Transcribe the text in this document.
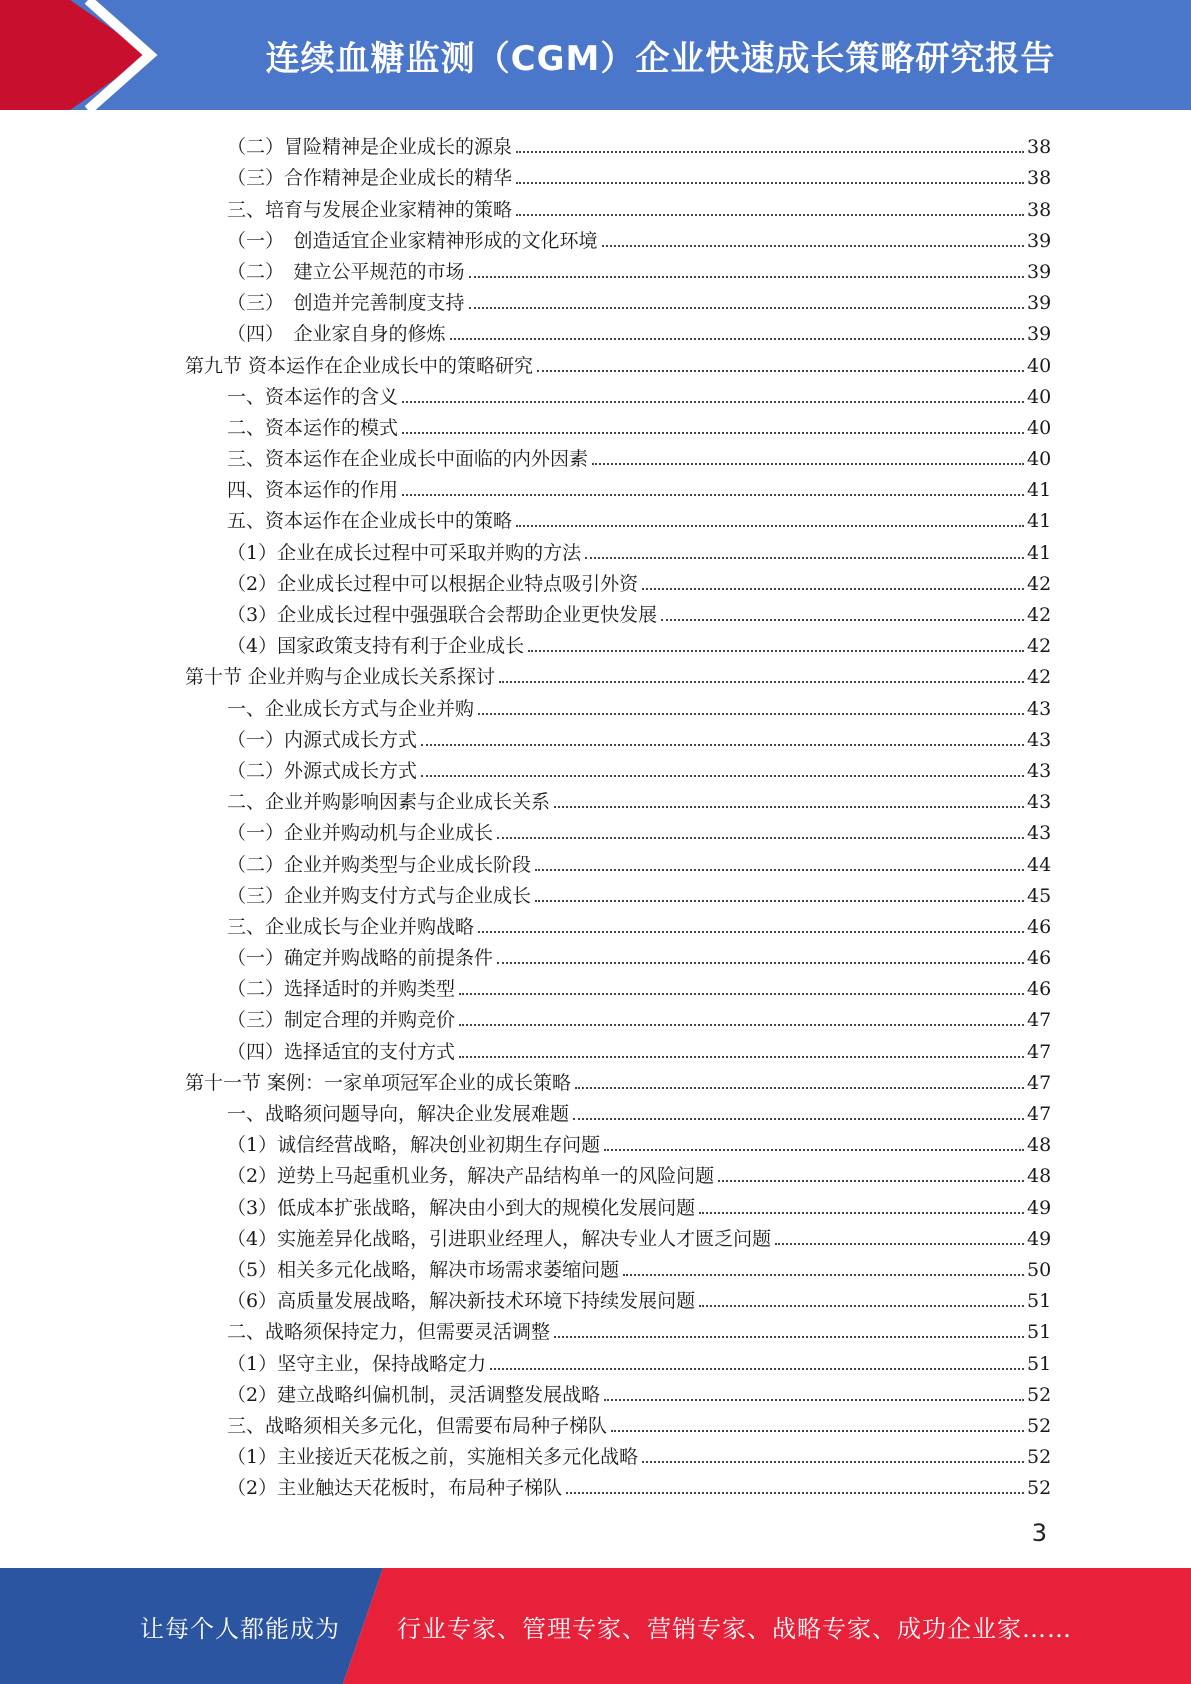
连续血糖监测（CGM）企业快速成长策略研究报告
（二）冒险精神是企业成长的源泉	38
（三）合作精神是企业成长的精华	38
三、培育与发展企业家精神的策略	38
（一）　创造适宜企业家精神形成的文化环境	39
（二）　建立公平规范的市场	39
（三）　创造并完善制度支持	39
（四）　企业家自身的修炼	39
第九节 资本运作在企业成长中的策略研究	40
一、资本运作的含义	40
二、资本运作的模式	40
三、资本运作在企业成长中面临的内外因素	40
四、资本运作的作用	41
五、资本运作在企业成长中的策略	41
（1）企业在成长过程中可采取并购的方法	41
（2）企业成长过程中可以根据企业特点吸引外资	42
（3）企业成长过程中强强联合会帮助企业更快发展	42
（4）国家政策支持有利于企业成长	42
第十节 企业并购与企业成长关系探讨	42
一、企业成长方式与企业并购	43
（一）内源式成长方式	43
（二）外源式成长方式	43
二、企业并购影响因素与企业成长关系	43
（一）企业并购动机与企业成长	43
（二）企业并购类型与企业成长阶段	44
（三）企业并购支付方式与企业成长	45
三、企业成长与企业并购战略	46
（一）确定并购战略的前提条件	46
（二）选择适时的并购类型	46
（三）制定合理的并购竞价	47
（四）选择适宜的支付方式	47
第十一节 案例：一家单项冠军企业的成长策略	47
一、战略须问题导向，解决企业发展难题	47
（1）诚信经营战略，解决创业初期生存问题	48
（2）逆势上马起重机业务，解决产品结构单一的风险问题	48
（3）低成本扩张战略，解决由小到大的规模化发展问题	49
（4）实施差异化战略，引进职业经理人，解决专业人才匮乏问题	49
（5）相关多元化战略，解决市场需求萎缩问题	50
（6）高质量发展战略，解决新技术环境下持续发展问题	51
二、战略须保持定力，但需要灵活调整	51
（1）坚守主业，保持战略定力	51
（2）建立战略纠偏机制，灵活调整发展战略	52
三、战略须相关多元化，但需要布局种子梯队	52
（1）主业接近天花板之前，实施相关多元化战略	52
（2）主业触达天花板时，布局种子梯队	52
3
让每个人都能成为 行业专家、管理专家、营销专家、战略专家、成功企业家……
